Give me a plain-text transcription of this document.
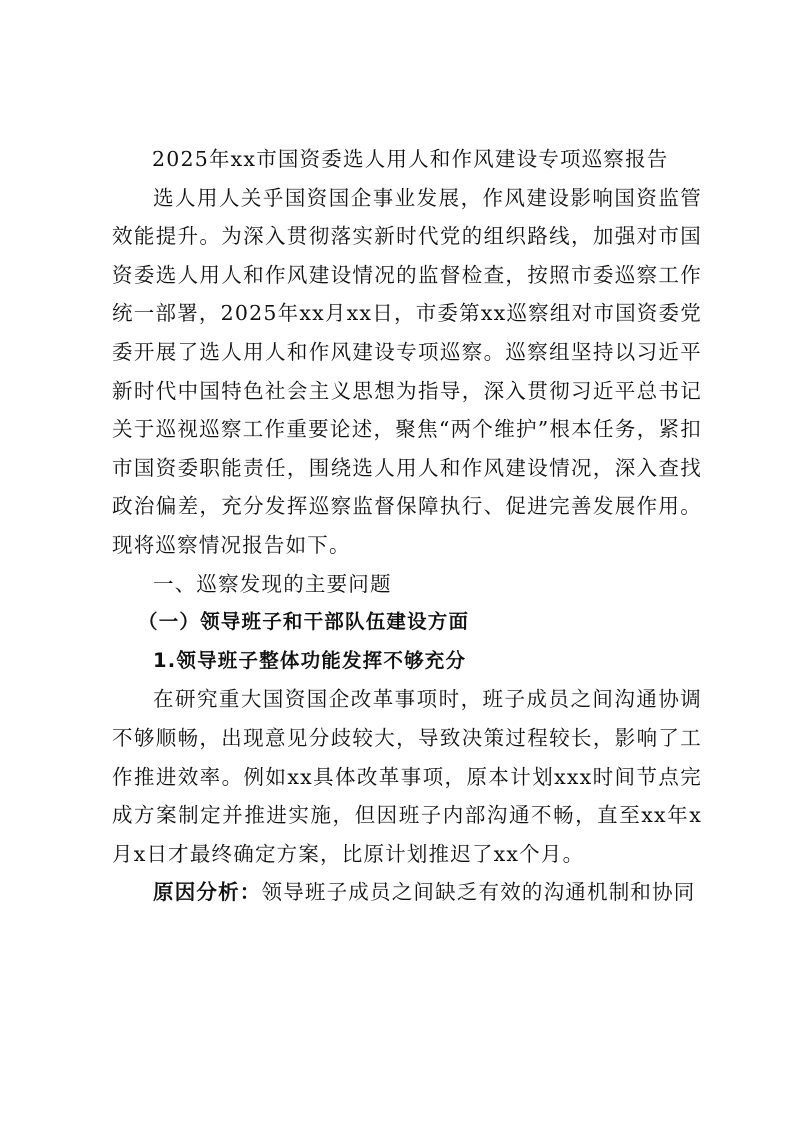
2025年xx市国资委选人用人和作风建设专项巡察报告

选人用人关乎国资国企事业发展，作风建设影响国资监管效能提升。为深入贯彻落实新时代党的组织路线，加强对市国资委选人用人和作风建设情况的监督检查，按照市委巡察工作统一部署，2025年xx月xx日，市委第xx巡察组对市国资委党委开展了选人用人和作风建设专项巡察。巡察组坚持以习近平新时代中国特色社会主义思想为指导，深入贯彻习近平总书记关于巡视巡察工作重要论述，聚焦“两个维护”根本任务，紧扣市国资委职能责任，围绕选人用人和作风建设情况，深入查找政治偏差，充分发挥巡察监督保障执行、促进完善发展作用。现将巡察情况报告如下。

一、巡察发现的主要问题

（一）领导班子和干部队伍建设方面

1.领导班子整体功能发挥不够充分

在研究重大国资国企改革事项时，班子成员之间沟通协调不够顺畅，出现意见分歧较大，导致决策过程较长，影响了工作推进效率。例如xx具体改革事项，原本计划xxx时间节点完成方案制定并推进实施，但因班子内部沟通不畅，直至xx年x月x日才最终确定方案，比原计划推迟了xx个月。

原因分析：领导班子成员之间缺乏有效的沟通机制和协同
